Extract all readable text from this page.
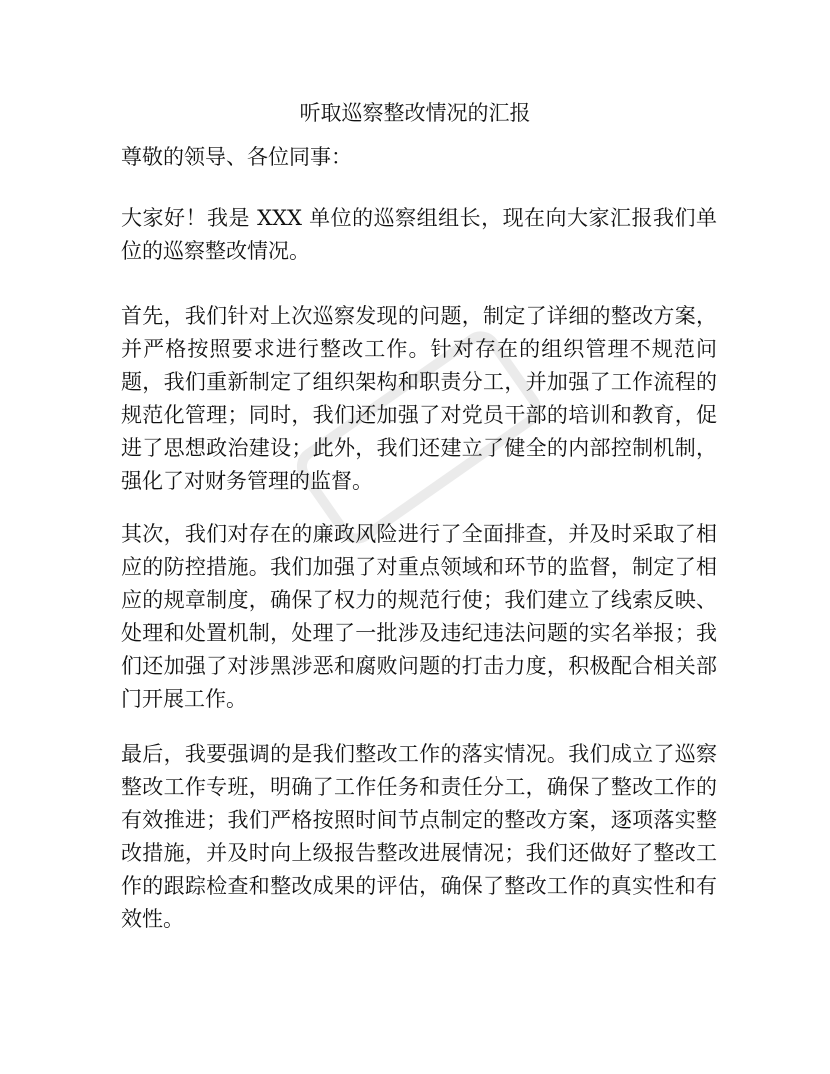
听取巡察整改情况的汇报

尊敬的领导、各位同事：

大家好！我是 XXX 单位的巡察组组长，现在向大家汇报我们单位的巡察整改情况。

首先，我们针对上次巡察发现的问题，制定了详细的整改方案，并严格按照要求进行整改工作。针对存在的组织管理不规范问题，我们重新制定了组织架构和职责分工，并加强了工作流程的规范化管理；同时，我们还加强了对党员干部的培训和教育，促进了思想政治建设；此外，我们还建立了健全的内部控制机制，强化了对财务管理的监督。

其次，我们对存在的廉政风险进行了全面排查，并及时采取了相应的防控措施。我们加强了对重点领域和环节的监督，制定了相应的规章制度，确保了权力的规范行使；我们建立了线索反映、处理和处置机制，处理了一批涉及违纪违法问题的实名举报；我们还加强了对涉黑涉恶和腐败问题的打击力度，积极配合相关部门开展工作。

最后，我要强调的是我们整改工作的落实情况。我们成立了巡察整改工作专班，明确了工作任务和责任分工，确保了整改工作的有效推进；我们严格按照时间节点制定的整改方案，逐项落实整改措施，并及时向上级报告整改进展情况；我们还做好了整改工作的跟踪检查和整改成果的评估，确保了整改工作的真实性和有效性。
